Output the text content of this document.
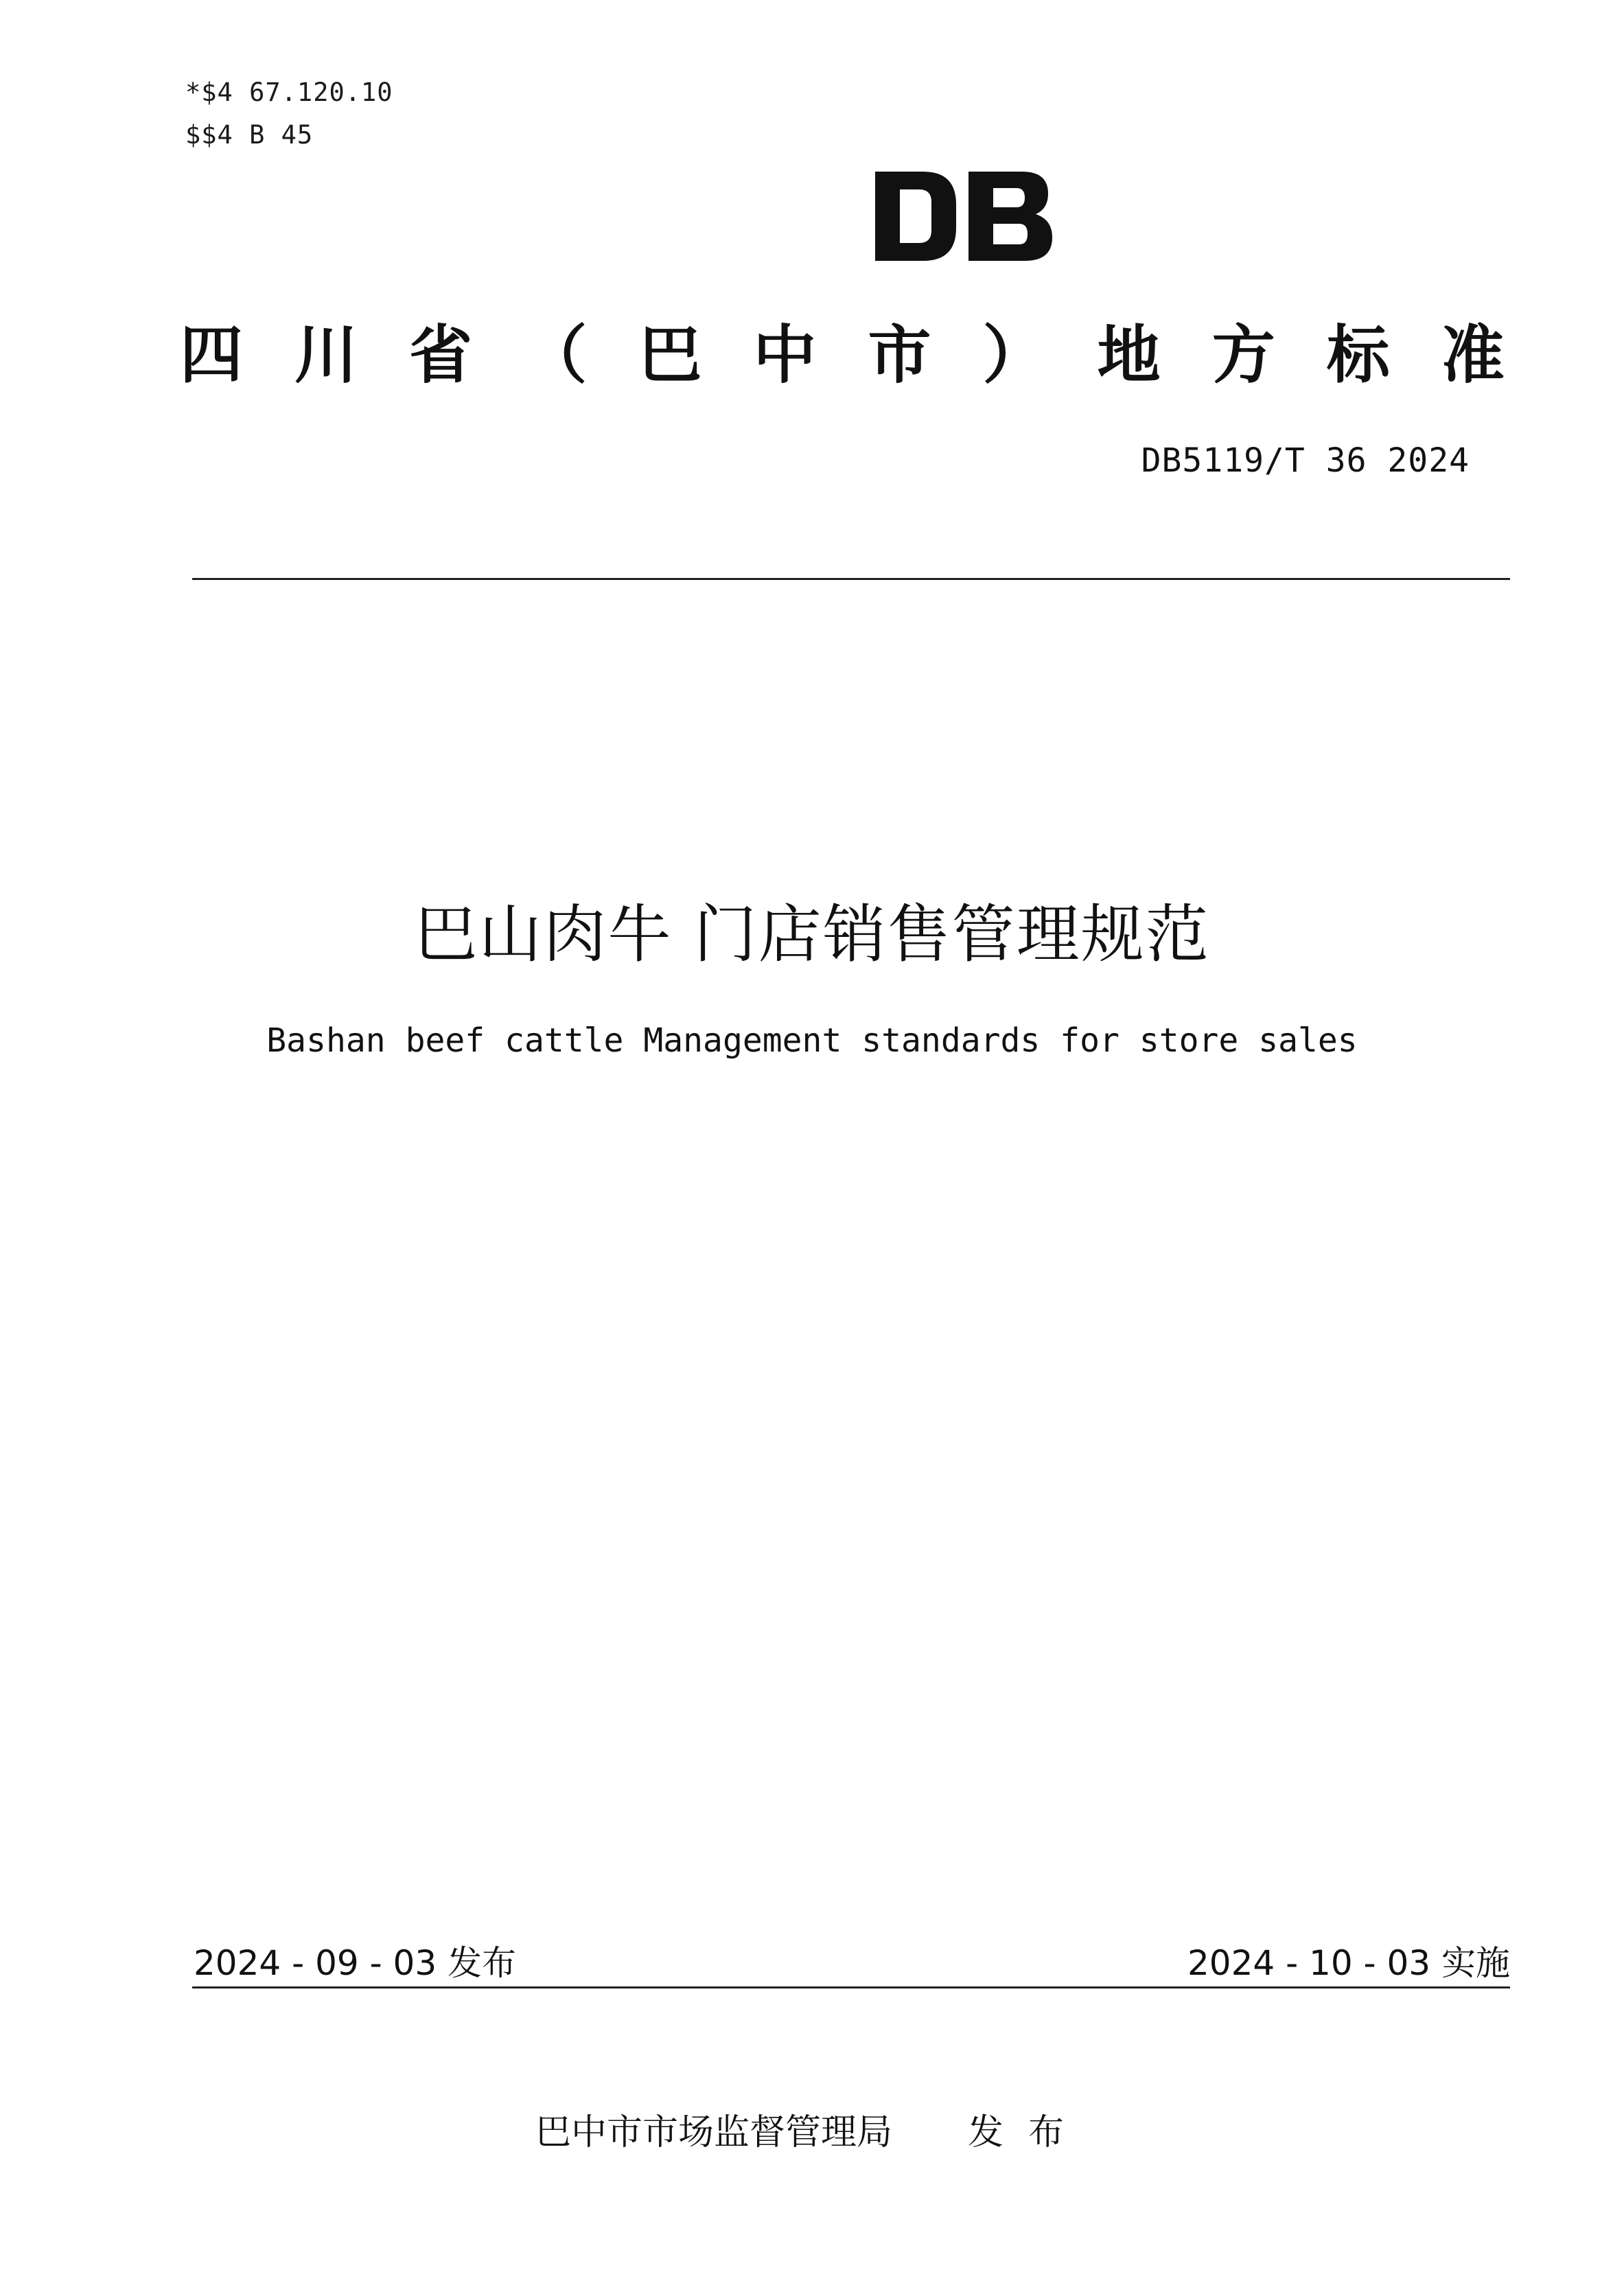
*$4 67.120.10
$$4 B 45
四 川 省 （ 巴 中 市 ） 地 方 标 准
DB5119/T 36 2024
巴山肉牛 门店销售管理规范
Bashan beef cattle Management standards for store sales
2024 - 09 - 03 发布	2024 - 10 - 03 实施
巴中市市场监督管理局 发布
